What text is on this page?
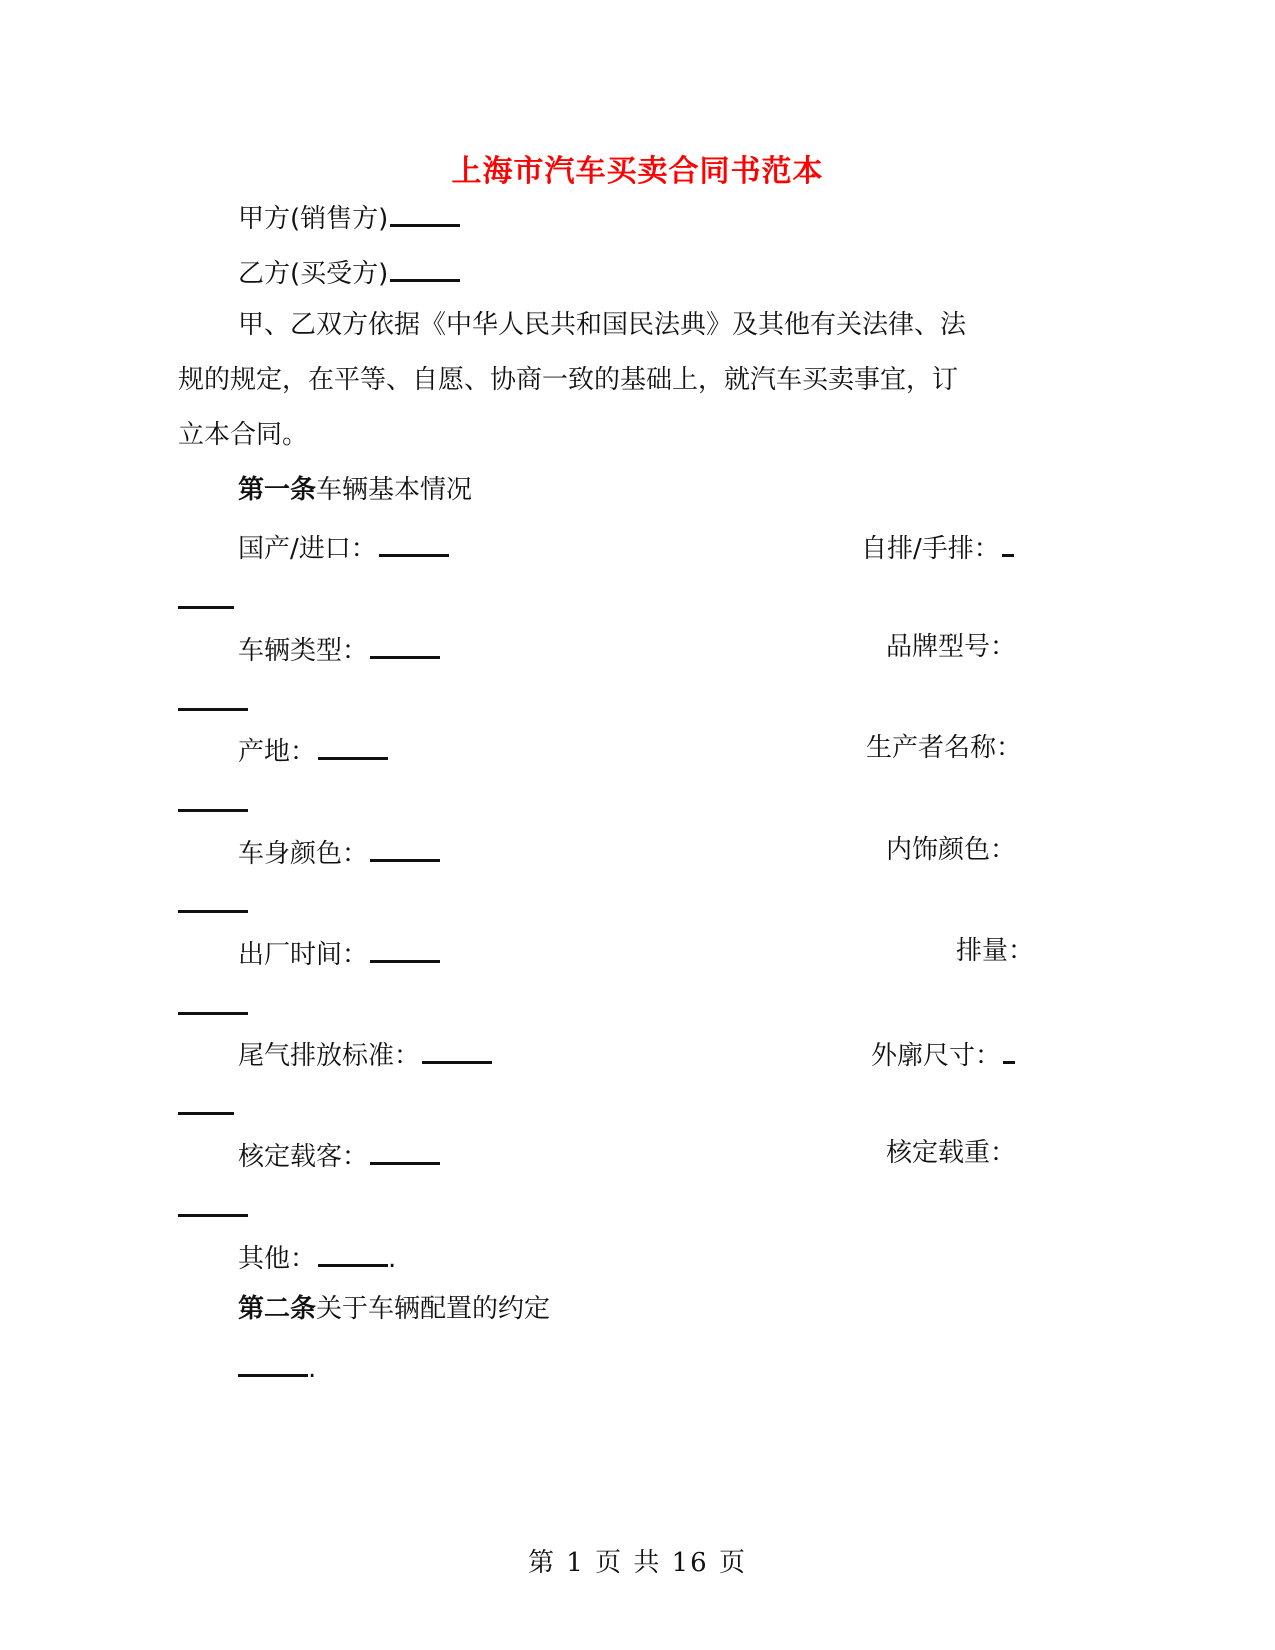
上海市汽车买卖合同书范本
甲方(销售方)
乙方(买受方)
甲、乙双方依据《中华人民共和国民法典》及其他有关法律、法
规的规定，在平等、自愿、协商一致的基础上，就汽车买卖事宜，订
立本合同。
第一条车辆基本情况
国产/进口：	自排/手排：
车辆类型：	品牌型号：
产地：	生产者名称：
车身颜色：	内饰颜色：
出厂时间：	排量：
尾气排放标准：	外廓尺寸：
核定载客：	核定载重：
其他：	.
第二条关于车辆配置的约定
.
第 1 页 共 16 页
